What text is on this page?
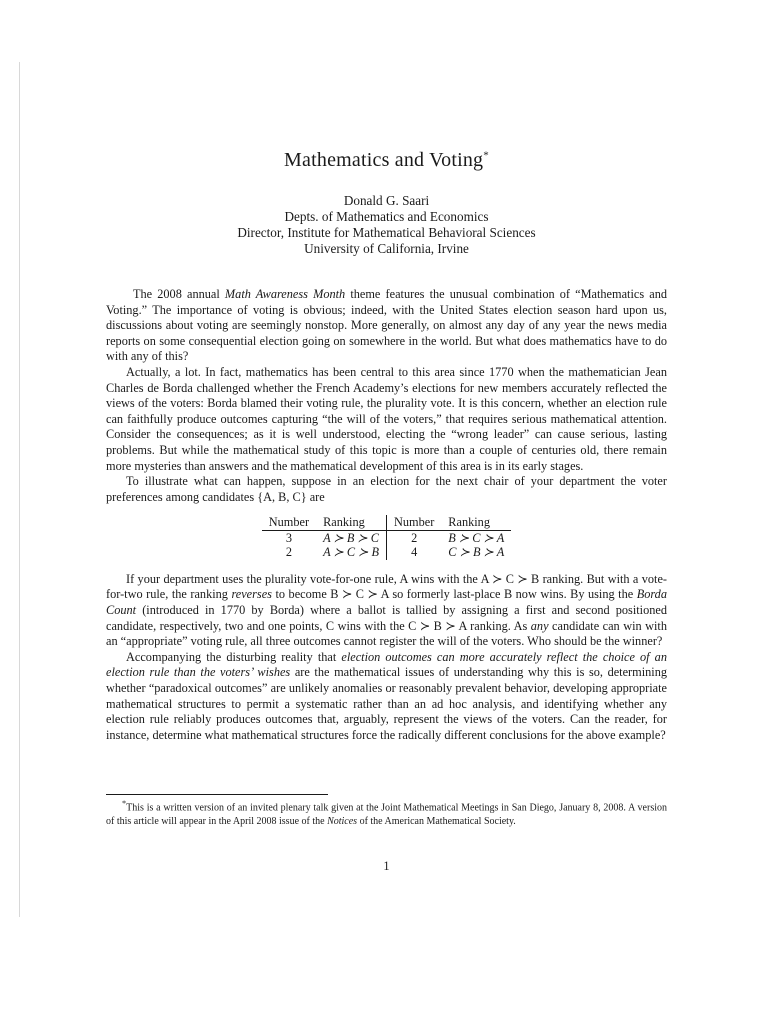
Mathematics and Voting*
Donald G. Saari
Depts. of Mathematics and Economics
Director, Institute for Mathematical Behavioral Sciences
University of California, Irvine

The 2008 annual Math Awareness Month theme features the unusual combination of “Mathematics and Voting.” The importance of voting is obvious; indeed, with the United States election season hard upon us, discussions about voting are seemingly nonstop. More generally, on almost any day of any year the news media reports on some consequential election going on somewhere in the world. But what does mathematics have to do with any of this?

Actually, a lot. In fact, mathematics has been central to this area since 1770 when the mathematician Jean Charles de Borda challenged whether the French Academy’s elections for new members accurately reflected the views of the voters: Borda blamed their voting rule, the plurality vote. It is this concern, whether an election rule can faithfully produce outcomes capturing “the will of the voters,” that requires serious mathematical attention. Consider the consequences; as it is well understood, electing the “wrong leader” can cause serious, lasting problems. But while the mathematical study of this topic is more than a couple of centuries old, there remain more mysteries than answers and the mathematical development of this area is in its early stages.

To illustrate what can happen, suppose in an election for the next chair of your department the voter preferences among candidates {A, B, C} are

Number	Ranking	Number	Ranking
3	A ≻ B ≻ C	2	B ≻ C ≻ A
2	A ≻ C ≻ B	4	C ≻ B ≻ A

If your department uses the plurality vote-for-one rule, A wins with the A ≻ C ≻ B ranking. But with a vote-for-two rule, the ranking reverses to become B ≻ C ≻ A so formerly last-place B now wins. By using the Borda Count (introduced in 1770 by Borda) where a ballot is tallied by assigning a first and second positioned candidate, respectively, two and one points, C wins with the C ≻ B ≻ A ranking. As any candidate can win with an “appropriate” voting rule, all three outcomes cannot register the will of the voters. Who should be the winner?

Accompanying the disturbing reality that election outcomes can more accurately reflect the choice of an election rule than the voters’ wishes are the mathematical issues of understanding why this is so, determining whether “paradoxical outcomes” are unlikely anomalies or reasonably prevalent behavior, developing appropriate mathematical structures to permit a systematic rather than an ad hoc analysis, and identifying whether any election rule reliably produces outcomes that, arguably, represent the views of the voters. Can the reader, for instance, determine what mathematical structures force the radically different conclusions for the above example?

*This is a written version of an invited plenary talk given at the Joint Mathematical Meetings in San Diego, January 8, 2008. A version of this article will appear in the April 2008 issue of the Notices of the American Mathematical Society.
1
